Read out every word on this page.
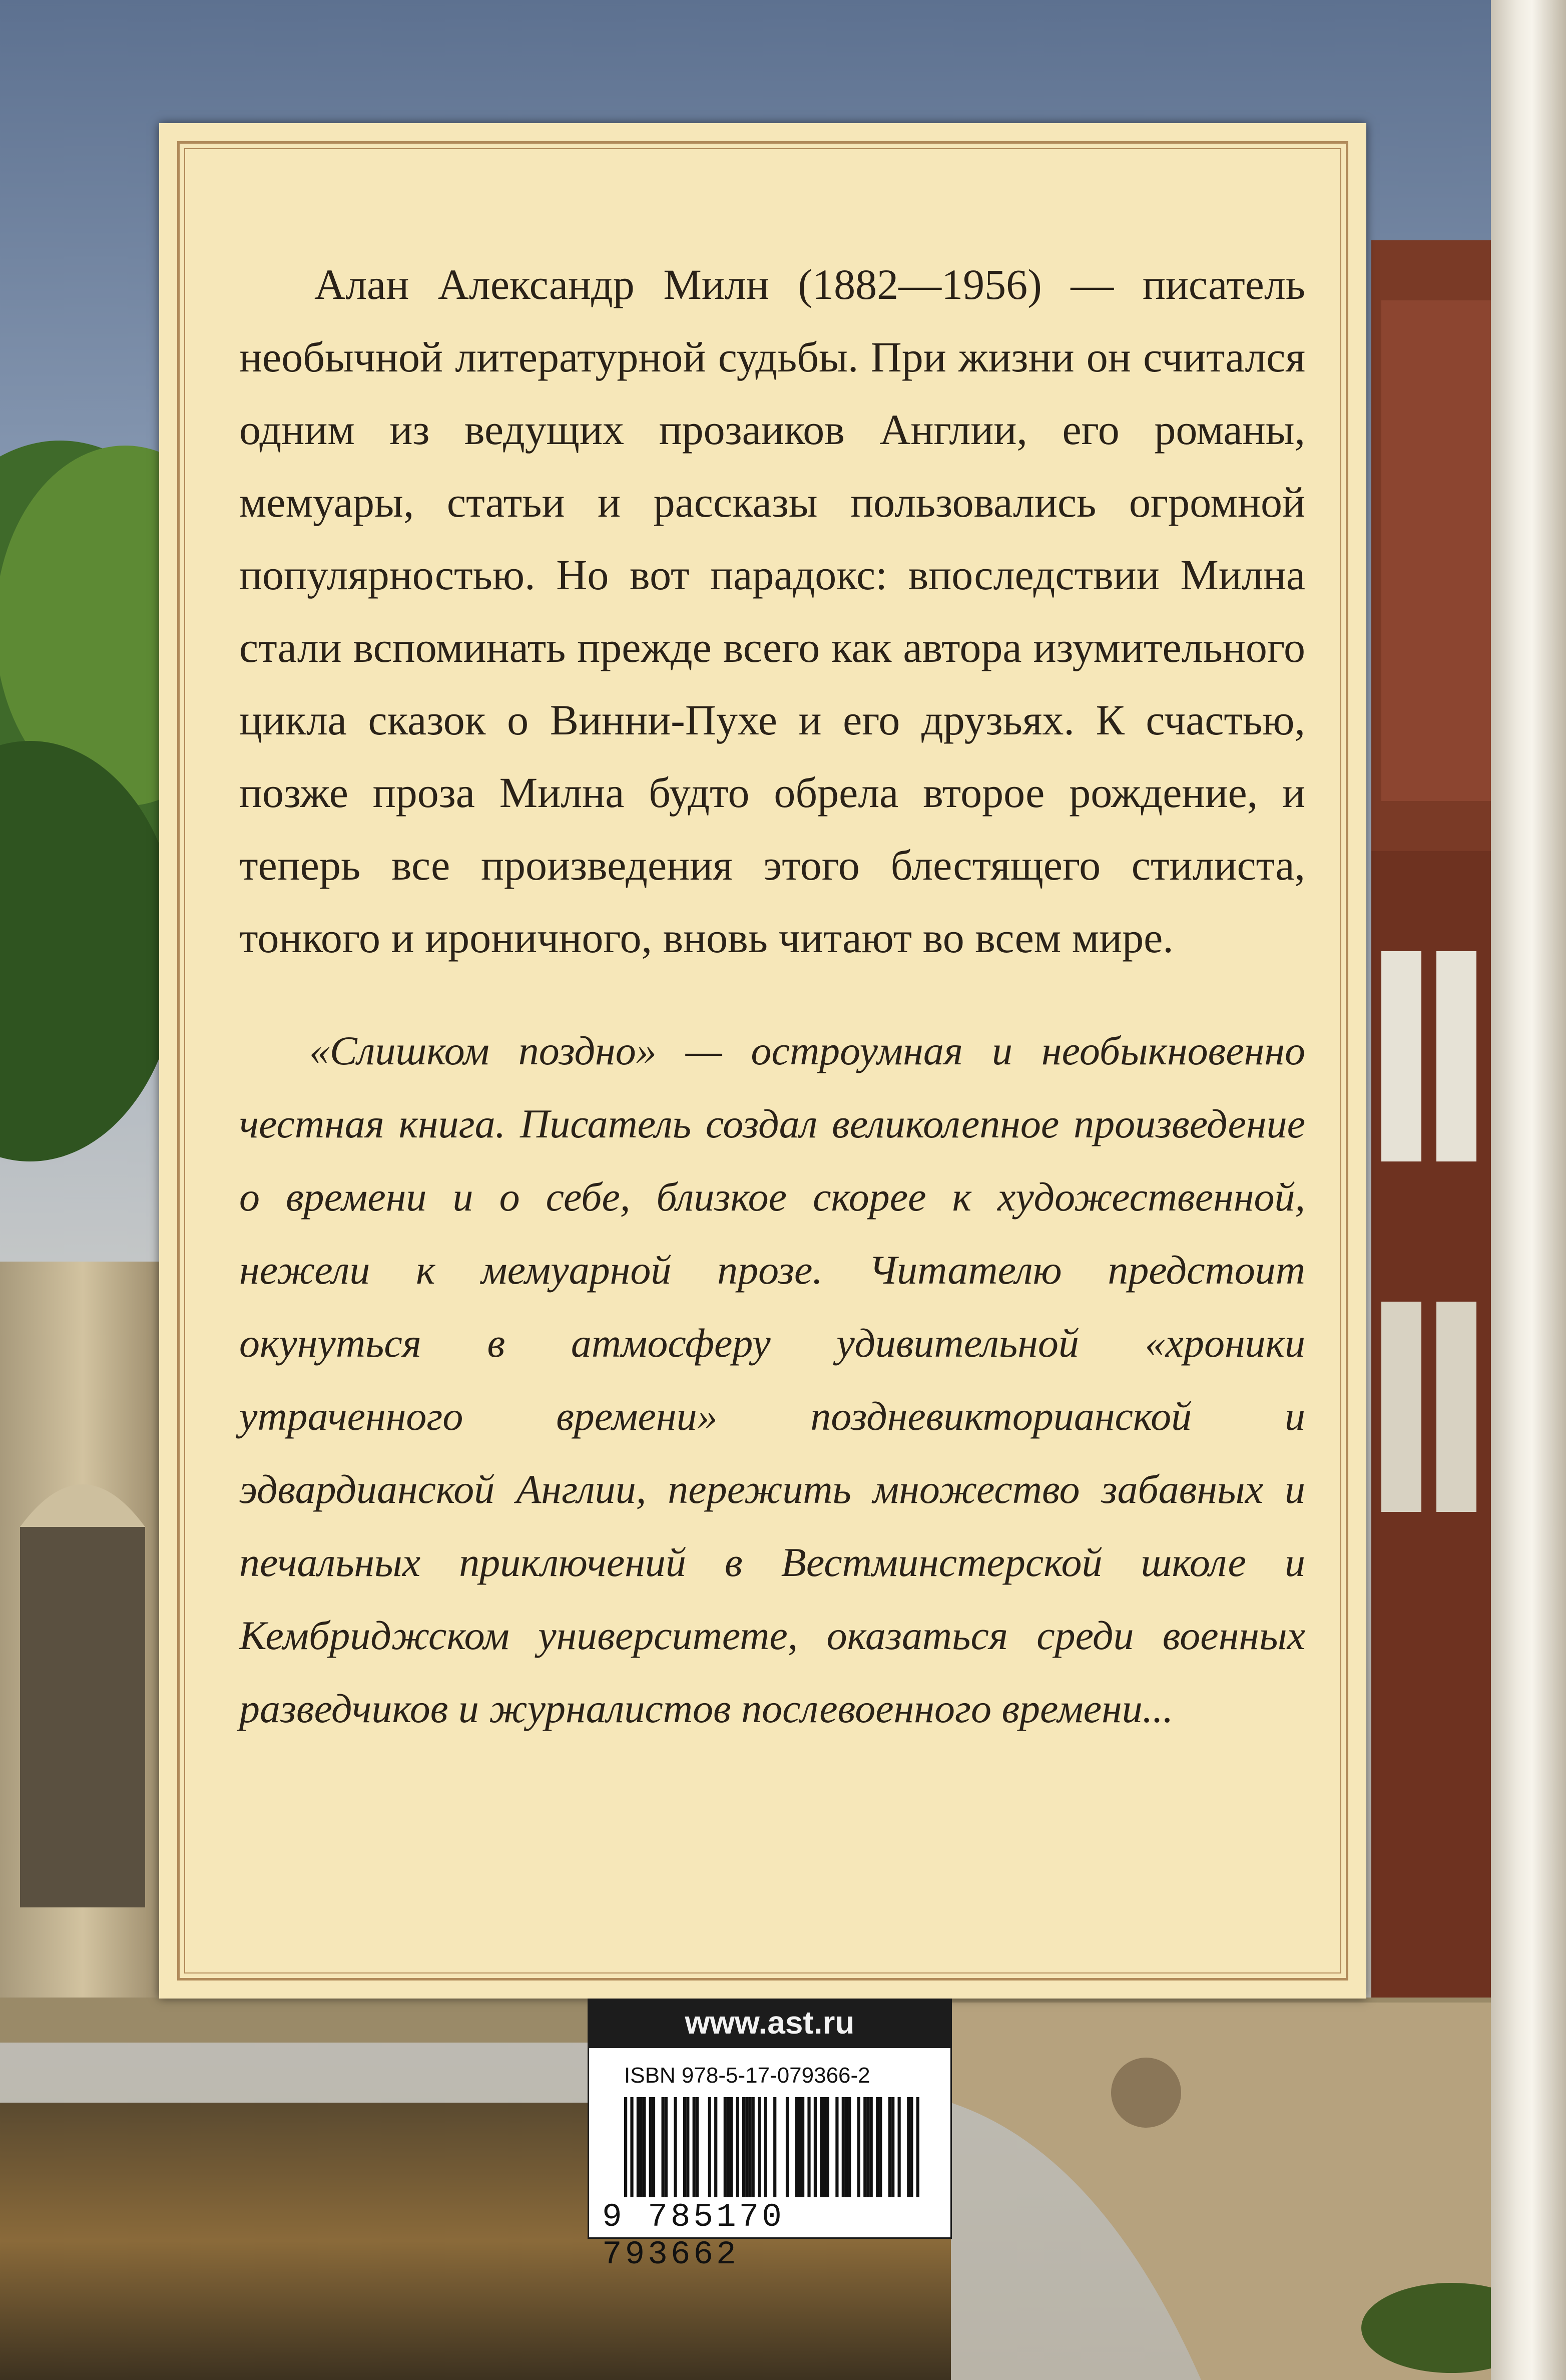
Алан Александр Милн (1882—1956) — писатель необычной литературной судьбы. При жизни он считался одним из ведущих прозаиков Англии, его романы, мемуары, статьи и рассказы пользовались огромной популярностью. Но вот парадокс: впоследствии Милна стали вспоминать прежде всего как автора изумительного цикла сказок о Винни-Пухе и его друзьях. К счастью, позже проза Милна будто обрела второе рождение, и теперь все произведения этого блестящего стилиста, тонкого и ироничного, вновь читают во всем мире.
«Слишком поздно» — остроумная и необыкновенно честная книга. Писатель создал великолепное произведение о времени и о себе, близкое скорее к художественной, нежели к мемуарной прозе. Читателю предстоит окунуться в атмосферу удивительной «хроники утраченного времени» поздневикторианской и эдвардианской Англии, пережить множество забавных и печальных приключений в Вестминстерской школе и Кембриджском университете, оказаться среди военных разведчиков и журналистов послевоенного времени...
www.ast.ru
ISBN 978-5-17-079366-2
9 785170 793662
